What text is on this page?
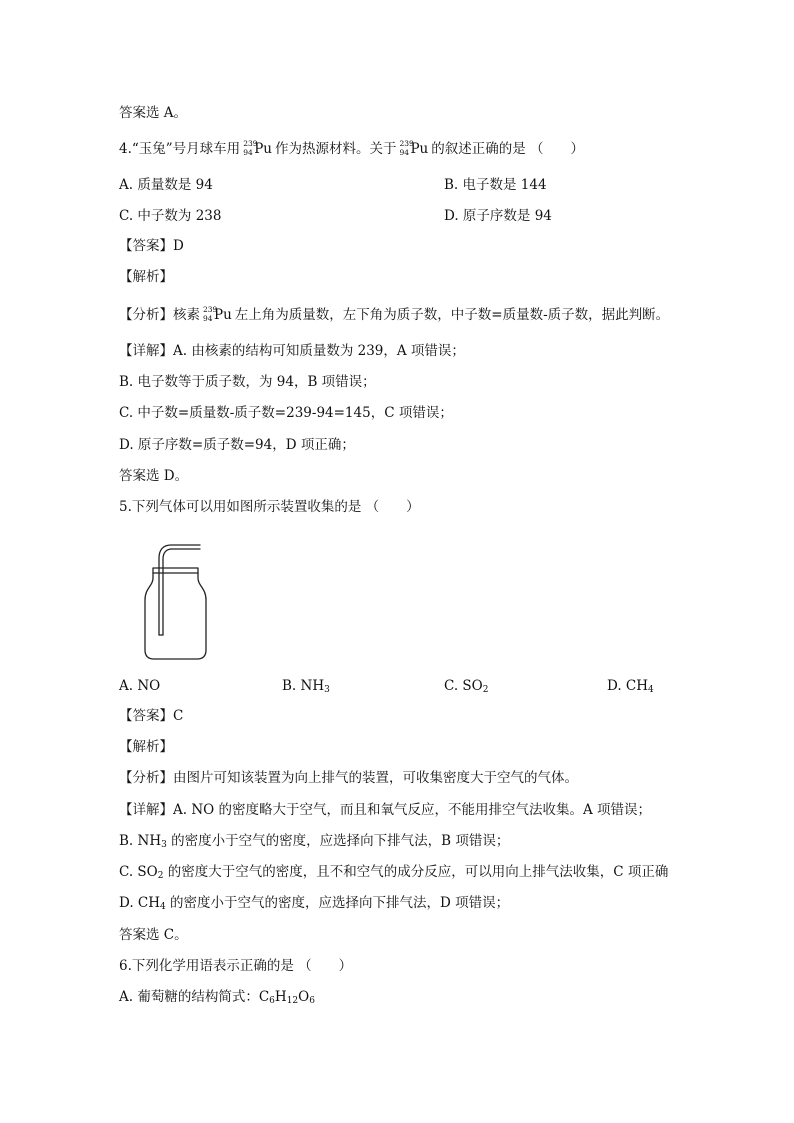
答案选 A。
4.“玉兔”号月球车用 239
94 Pu 作为热源材料。关于 239
94 Pu 的叙述正确的是 （　　）
A. 质量数是 94	B. 电子数是 144
C. 中子数为 238	D. 原子序数是 94
【答案】D
【解析】
【分析】核素 239
94 Pu 左上角为质量数，左下角为质子数，中子数=质量数-质子数，据此判断。
【详解】A. 由核素的结构可知质量数为 239，A 项错误；
B. 电子数等于质子数，为 94，B 项错误；
C. 中子数=质量数-质子数=239-94=145，C 项错误；
D. 原子序数=质子数=94，D 项正确；
答案选 D。
5.下列气体可以用如图所示装置收集的是 （　　）
A. NO	B. $NH_3$	C. $SO_2$	D. $CH_4$
【答案】C
【解析】
【分析】由图片可知该装置为向上排气的装置，可收集密度大于空气的气体。
【详解】A. NO 的密度略大于空气，而且和氧气反应，不能用排空气法收集。A 项错误；
B. $NH_3$ 的密度小于空气的密度，应选择向下排气法，B 项错误；
C. $SO_2$ 的密度大于空气的密度，且不和空气的成分反应，可以用向上排气法收集，C 项正确
D. $CH_4$ 的密度小于空气的密度，应选择向下排气法，D 项错误；
答案选 C。
6.下列化学用语表示正确的是 （　　）
A. 葡萄糖的结构简式：$C_6H_{12}O_6$
